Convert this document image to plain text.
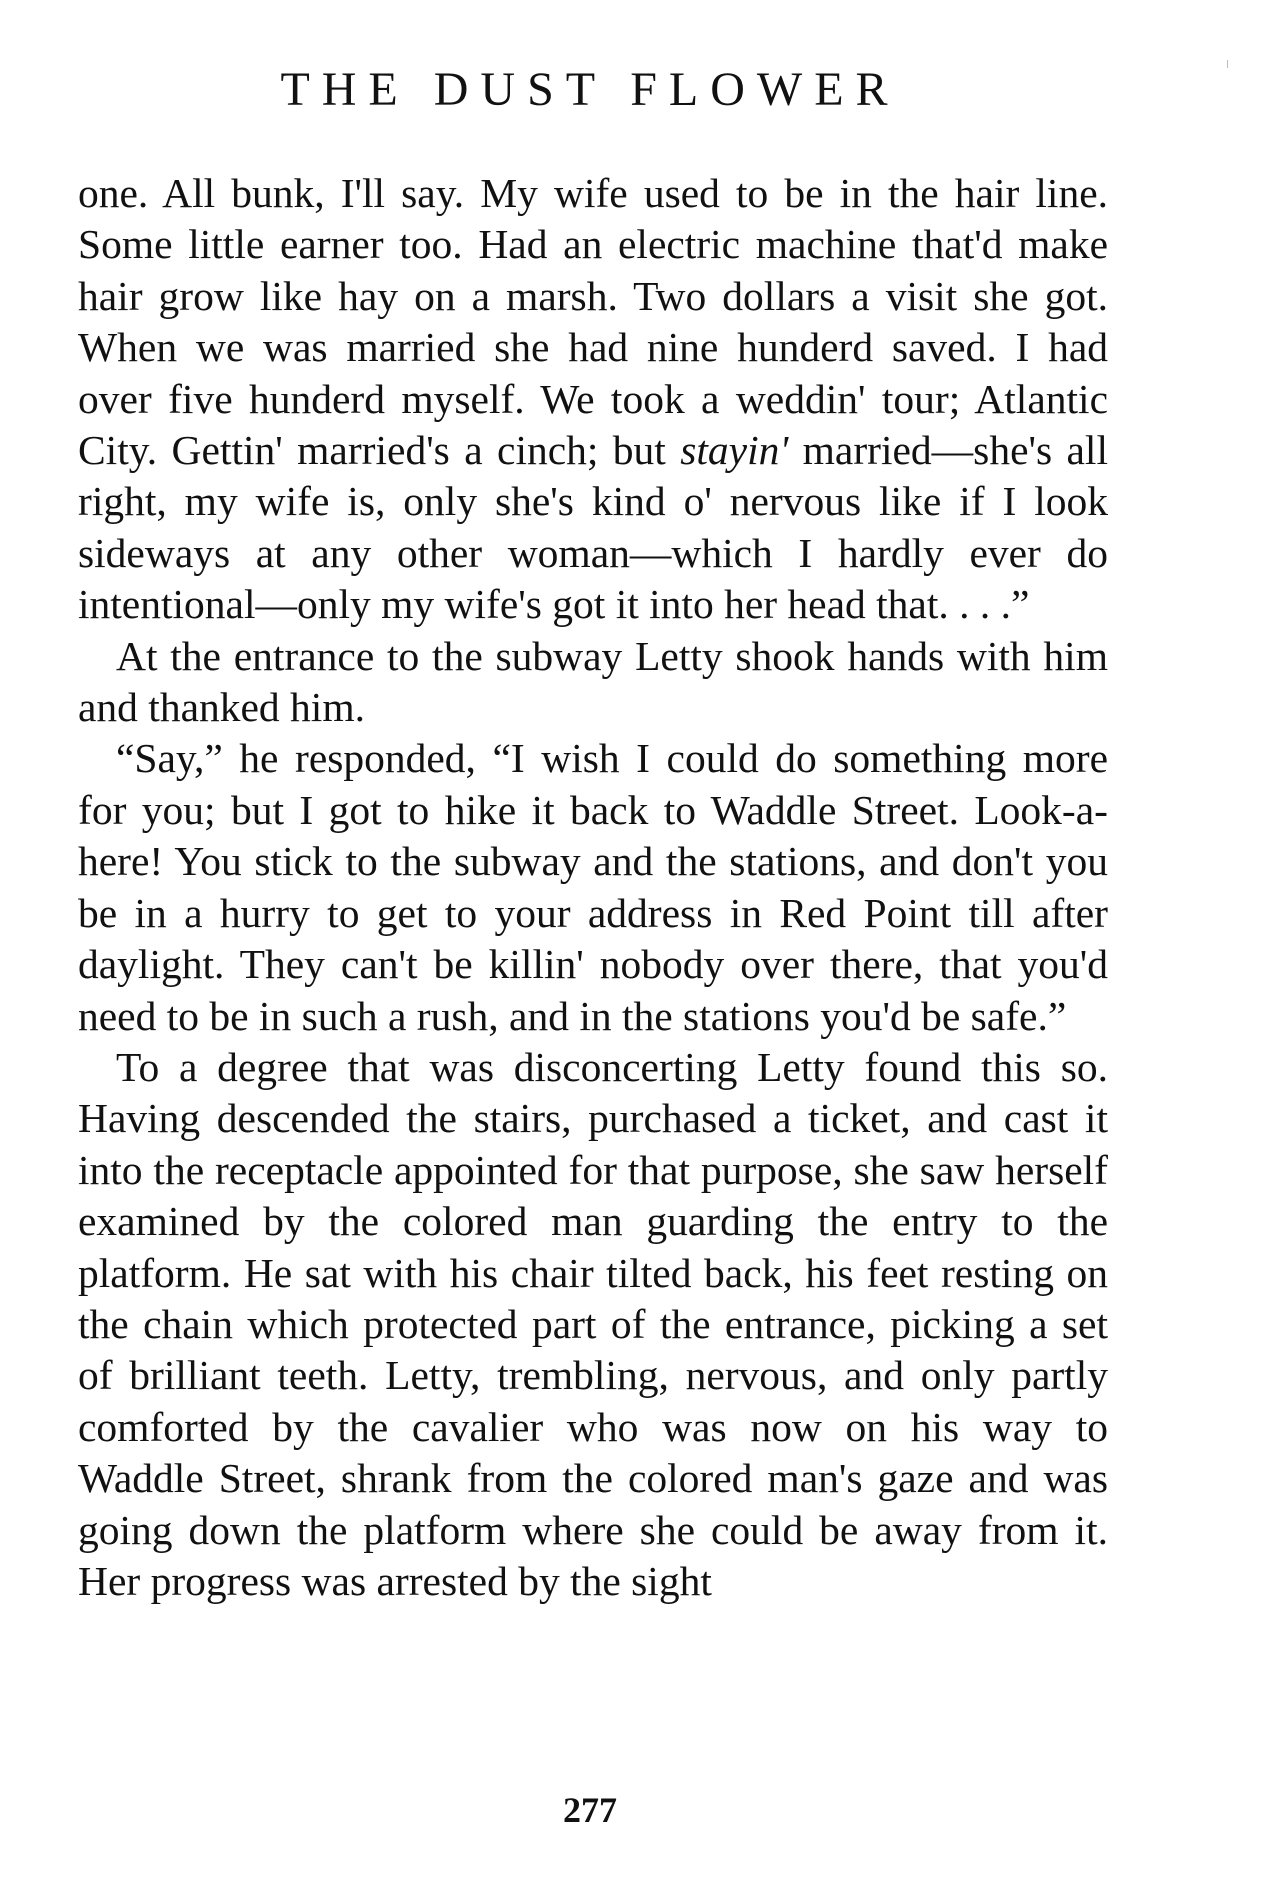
THE DUST FLOWER

one. All bunk, I'll say. My wife used to be in the hair line. Some little earner too. Had an electric machine that'd make hair grow like hay on a marsh. Two dollars a visit she got. When we was married she had nine hunderd saved. I had over five hunderd myself. We took a weddin' tour; Atlantic City. Gettin' married's a cinch; but stayin' married—she's all right, my wife is, only she's kind o' nervous like if I look sideways at any other woman—which I hardly ever do intentional—only my wife's got it into her head that. . . .”

At the entrance to the subway Letty shook hands with him and thanked him.

“Say,” he responded, “I wish I could do something more for you; but I got to hike it back to Waddle Street. Look-a-here! You stick to the subway and the stations, and don't you be in a hurry to get to your address in Red Point till after daylight. They can't be killin' nobody over there, that you'd need to be in such a rush, and in the stations you'd be safe.”

To a degree that was disconcerting Letty found this so. Having descended the stairs, purchased a ticket, and cast it into the receptacle appointed for that purpose, she saw herself examined by the colored man guarding the entry to the platform. He sat with his chair tilted back, his feet resting on the chain which protected part of the entrance, picking a set of brilliant teeth. Letty, trembling, nervous, and only partly comforted by the cavalier who was now on his way to Waddle Street, shrank from the colored man's gaze and was going down the platform where she could be away from it. Her progress was arrested by the sight

277
